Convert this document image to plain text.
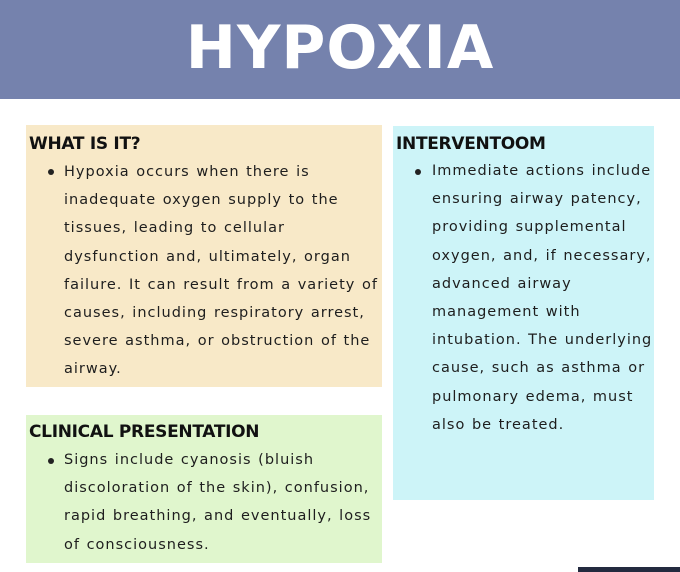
HYPOXIA
WHAT IS IT?

Hypoxia occurs when there is inadequate oxygen supply to the tissues, leading to cellular dysfunction and, ultimately, organ failure. It can result from a variety of causes, including respiratory arrest, severe asthma, or obstruction of the airway.

CLINICAL PRESENTATION

Signs include cyanosis (bluish discoloration of the skin), confusion, rapid breathing, and eventually, loss of consciousness.

INTERVENTOOM

Immediate actions include ensuring airway patency, providing supplemental oxygen, and, if necessary, advanced airway management with intubation. The underlying cause, such as asthma or pulmonary edema, must also be treated.
